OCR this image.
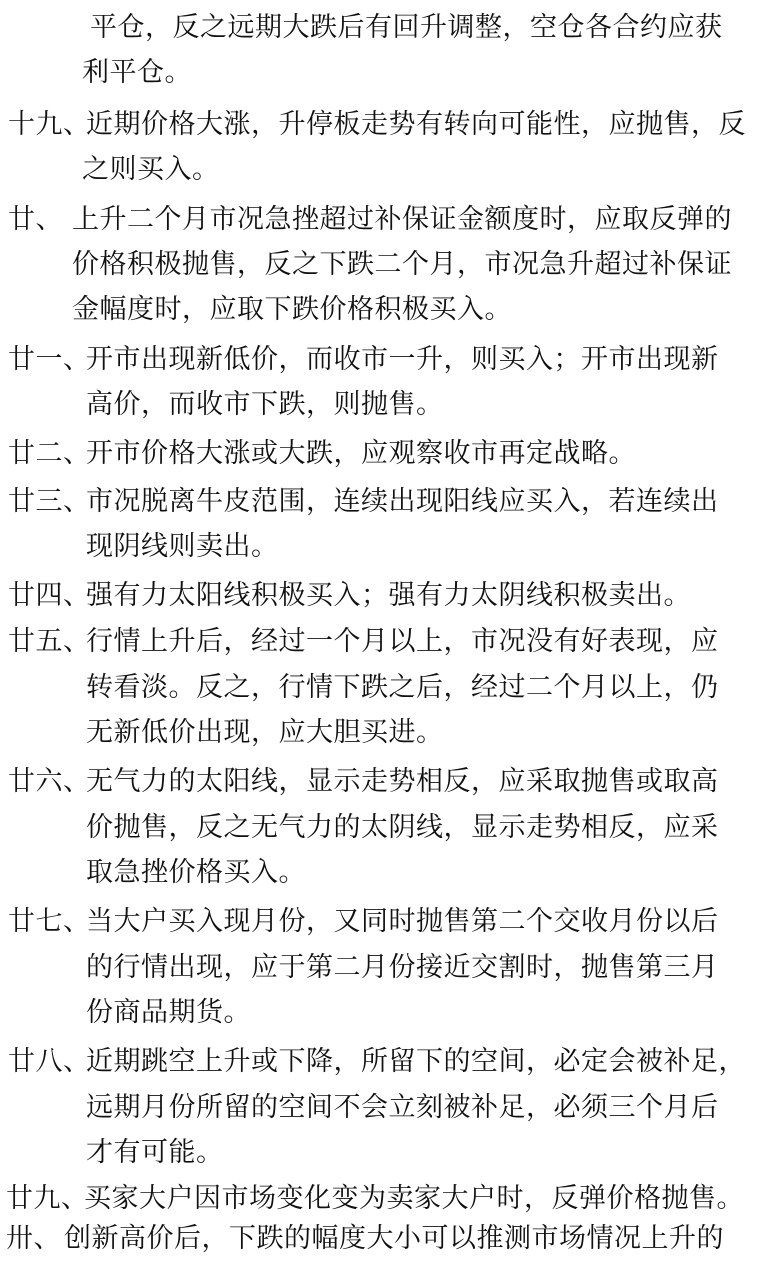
平仓，反之远期大跌后有回升调整，空仓各合约应获
利平仓。
十九、
近期价格大涨，升停板走势有转向可能性，应抛售，反
之则买入。
廿、 上升二个月市况急挫超过补保证金额度时，应取反弹的
价格积极抛售，反之下跌二个月，市况急升超过补保证
金幅度时，应取下跌价格积极买入。
廿一、
开市出现新低价，而收市一升，则买入；开市出现新
高价，而收市下跌，则抛售。
廿二、
开市价格大涨或大跌，应观察收市再定战略。
廿三、
市况脱离牛皮范围，连续出现阳线应买入，若连续出
现阴线则卖出。
廿四、
强有力太阳线积极买入；强有力太阴线积极卖出。
廿五、
行情上升后，经过一个月以上，市况没有好表现，应
转看淡。反之，行情下跌之后，经过二个月以上，仍
无新低价出现，应大胆买进。
廿六、
无气力的太阳线，显示走势相反，应采取抛售或取高
价抛售，反之无气力的太阴线，显示走势相反，应采
取急挫价格买入。
廿七、
当大户买入现月份，又同时抛售第二个交收月份以后
的行情出现，应于第二月份接近交割时，抛售第三月
份商品期货。
廿八、
近期跳空上升或下降，所留下的空间，必定会被补足，
远期月份所留的空间不会立刻被补足，必须三个月后
才有可能。
廿九、
买家大户因市场变化变为卖家大户时，反弹价格抛售。
卅、 创新高价后，下跌的幅度大小可以推测市场情况上升的
